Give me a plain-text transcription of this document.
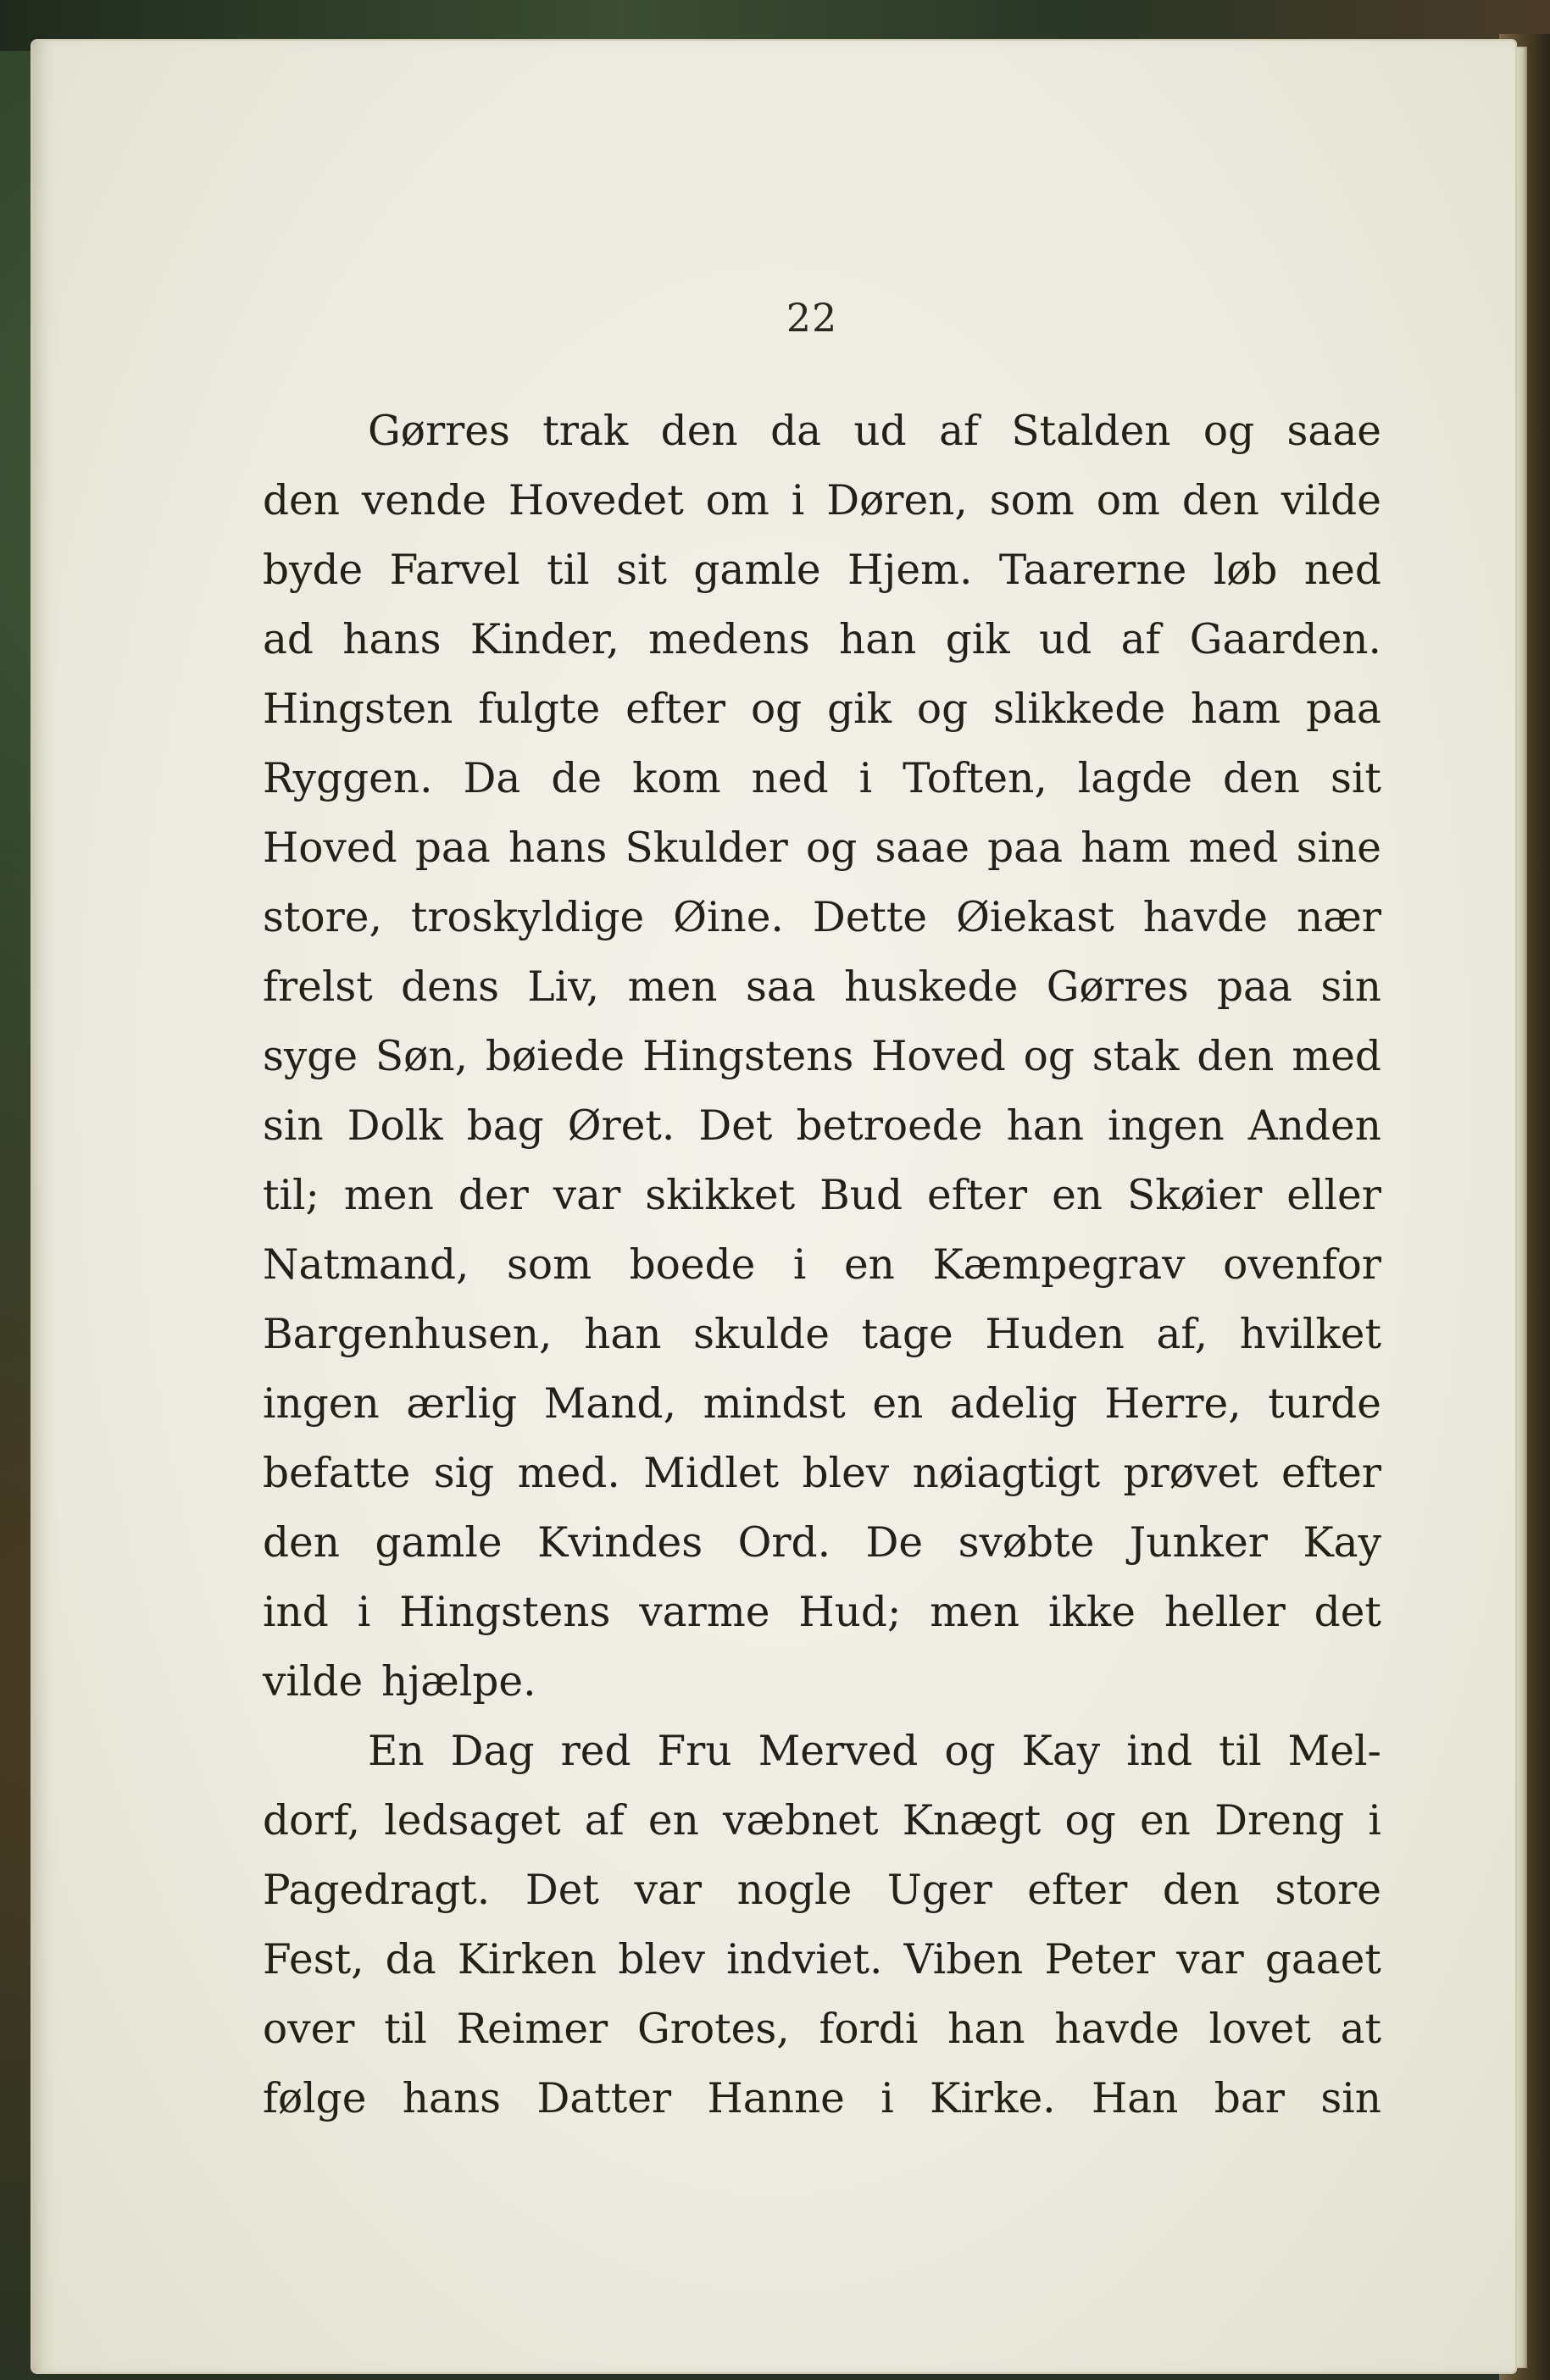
22
Gørres trak den da ud af Stalden og saae
den vende Hovedet om i Døren, som om den vilde
byde Farvel til sit gamle Hjem. Taarerne løb ned
ad hans Kinder, medens han gik ud af Gaarden.
Hingsten fulgte efter og gik og slikkede ham paa
Ryggen. Da de kom ned i Toften, lagde den sit
Hoved paa hans Skulder og saae paa ham med sine
store, troskyldige Øine. Dette Øiekast havde nær
frelst dens Liv, men saa huskede Gørres paa sin
syge Søn, bøiede Hingstens Hoved og stak den med
sin Dolk bag Øret. Det betroede han ingen Anden
til; men der var skikket Bud efter en Skøier eller
Natmand, som boede i en Kæmpegrav ovenfor
Bargenhusen, han skulde tage Huden af, hvilket
ingen ærlig Mand, mindst en adelig Herre, turde
befatte sig med. Midlet blev nøiagtigt prøvet efter
den gamle Kvindes Ord. De svøbte Junker Kay
ind i Hingstens varme Hud; men ikke heller det
vilde hjælpe.
En Dag red Fru Merved og Kay ind til Mel-
dorf, ledsaget af en væbnet Knægt og en Dreng i
Pagedragt. Det var nogle Uger efter den store
Fest, da Kirken blev indviet. Viben Peter var gaaet
over til Reimer Grotes, fordi han havde lovet at
følge hans Datter Hanne i Kirke. Han bar sin
